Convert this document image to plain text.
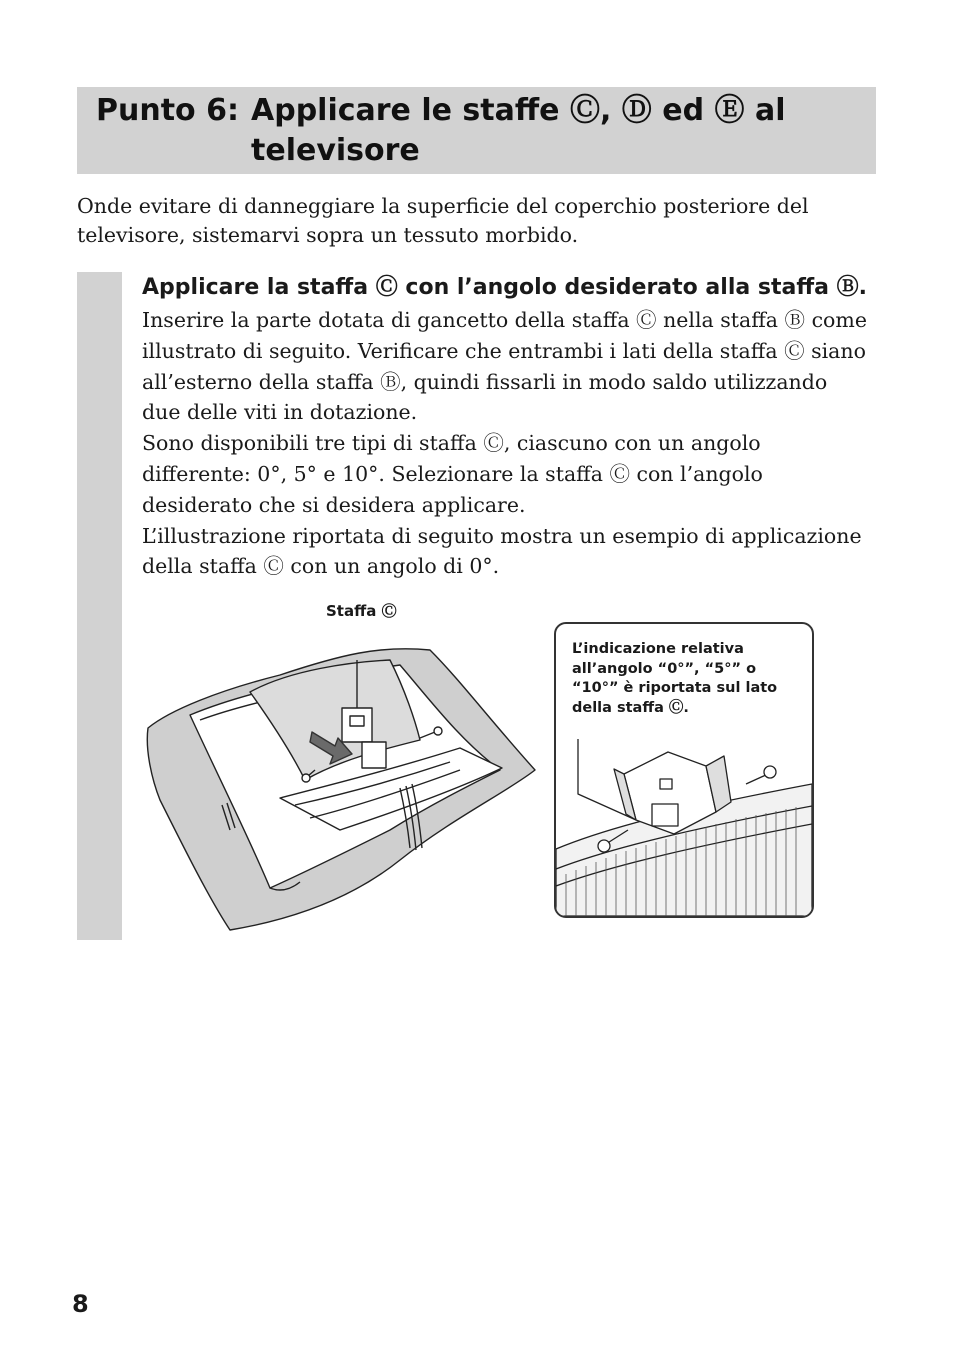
Punto 6: Applicare le staffe Ⓒ, Ⓓ ed Ⓔ al televisore

Onde evitare di danneggiare la superficie del coperchio posteriore del televisore, sistemarvi sopra un tessuto morbido.

Applicare la staffa Ⓒ con l’angolo desiderato alla staffa Ⓑ.
Inserire la parte dotata di gancetto della staffa Ⓒ nella staffa Ⓑ come illustrato di seguito. Verificare che entrambi i lati della staffa Ⓒ siano all’esterno della staffa Ⓑ, quindi fissarli in modo saldo utilizzando due delle viti in dotazione.
Sono disponibili tre tipi di staffa Ⓒ, ciascuno con un angolo differente: 0°, 5° e 10°. Selezionare la staffa Ⓒ con l’angolo desiderato che si desidera applicare.
L’illustrazione riportata di seguito mostra un esempio di applicazione della staffa Ⓒ con un angolo di 0°.
Staffa Ⓒ

L’indicazione relativa all’angolo “0°”, “5°” o “10°” è riportata sul lato della staffa Ⓒ.

8
